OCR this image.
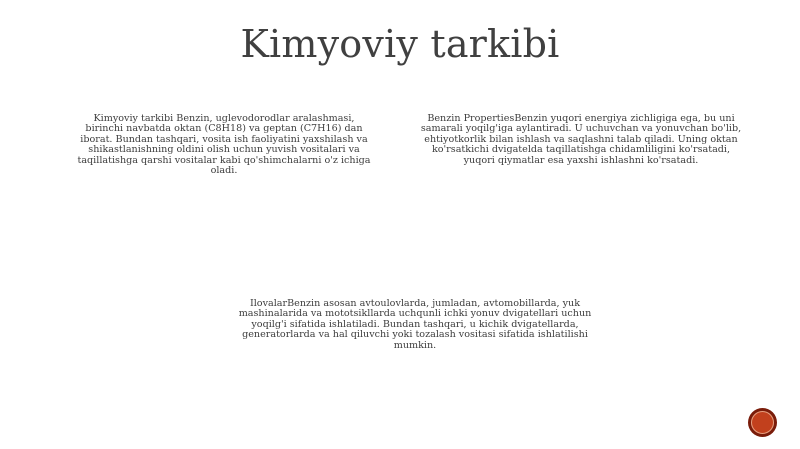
Kimyoviy tarkibi
Kimyoviy tarkibi Benzin, uglevodorodlar aralashmasi, birinchi navbatda oktan (C8H18) va geptan (C7H16) dan iborat. Bundan tashqari, vosita ish faoliyatini yaxshilash va shikastlanishning oldini olish uchun yuvish vositalari va taqillatishga qarshi vositalar kabi qo'shimchalarni o'z ichiga oladi.
Benzin PropertiesBenzin yuqori energiya zichligiga ega, bu uni samarali yoqilg'iga aylantiradi. U uchuvchan va yonuvchan bo'lib, ehtiyotkorlik bilan ishlash va saqlashni talab qiladi. Uning oktan ko'rsatkichi dvigatelda taqillatishga chidamliligini ko'rsatadi, yuqori qiymatlar esa yaxshi ishlashni ko'rsatadi.
IlovalarBenzin asosan avtoulovlarda, jumladan, avtomobillarda, yuk mashinalarida va mototsikllarda uchqunli ichki yonuv dvigatellari uchun yoqilg'i sifatida ishlatiladi. Bundan tashqari, u kichik dvigatellarda, generatorlarda va hal qiluvchi yoki tozalash vositasi sifatida ishlatilishi mumkin.
